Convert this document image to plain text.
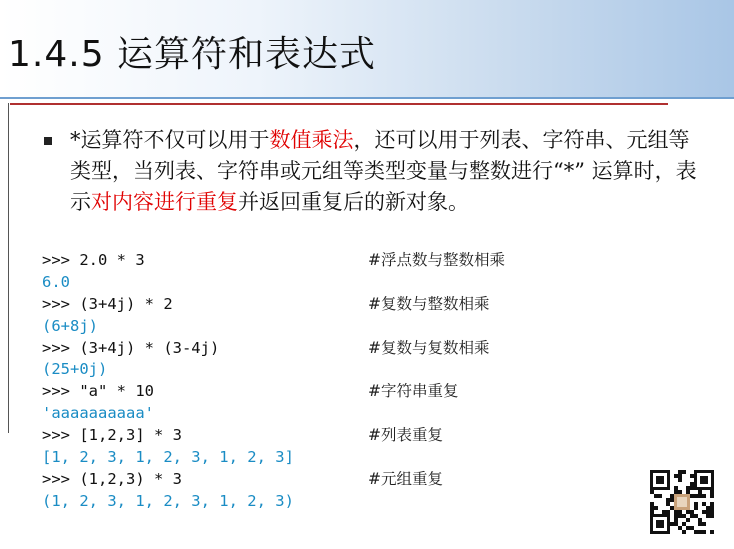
1.4.5 运算符和表达式

*运算符不仅可以用于数值乘法，还可以用于列表、字符串、元组等类型，当列表、字符串或元组等类型变量与整数进行“*” 运算时，表示对内容进行重复并返回重复后的新对象。

>>> 2.0 * 3	#浮点数与整数相乘
6.0
>>> (3+4j) * 2	#复数与整数相乘
(6+8j)
>>> (3+4j) * (3-4j)	#复数与复数相乘
(25+0j)
>>> "a" * 10	#字符串重复
'aaaaaaaaaa'
>>> [1,2,3] * 3	#列表重复
[1, 2, 3, 1, 2, 3, 1, 2, 3]
>>> (1,2,3) * 3	#元组重复
(1, 2, 3, 1, 2, 3, 1, 2, 3)
